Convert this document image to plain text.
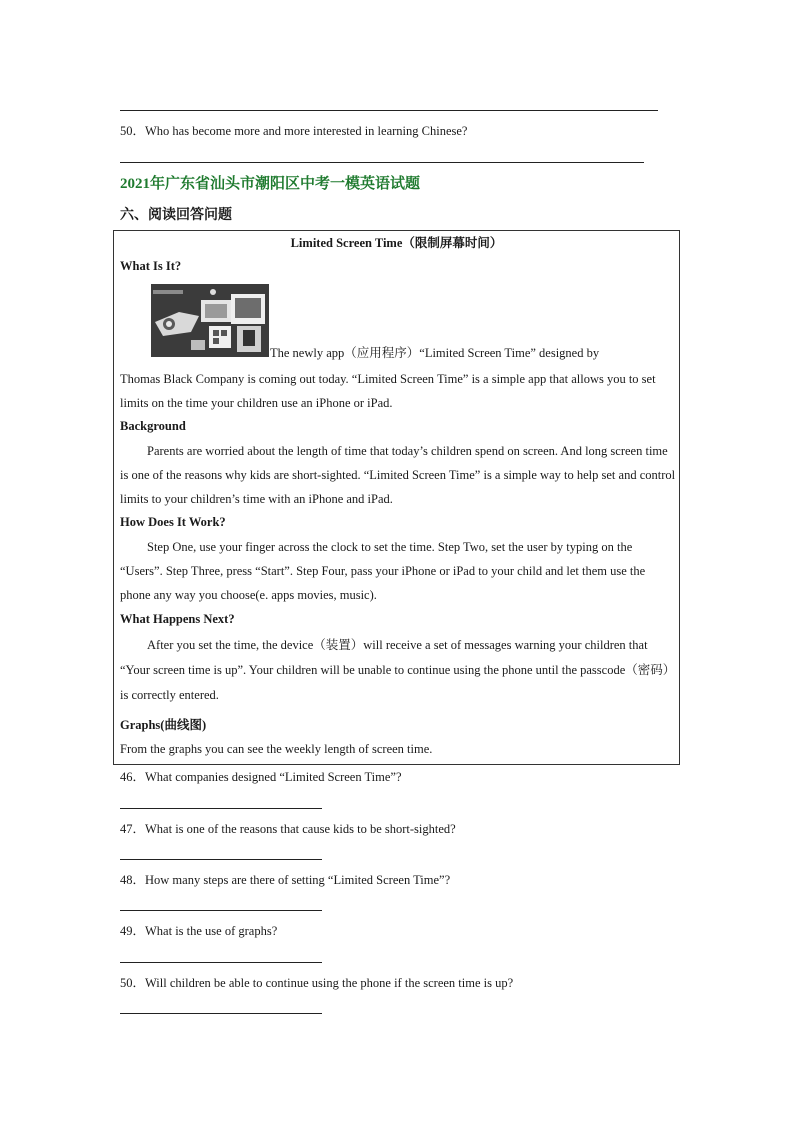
50．Who has become more and more interested in learning Chinese?
2021年广东省汕头市潮阳区中考一模英语试题
六、阅读回答问题
Limited Screen Time（限制屏幕时间）
What Is It?
The newly app（应用程序）“Limited Screen Time” designed by
Thomas Black Company is coming out today. “Limited Screen Time” is a simple app that allows you to set limits on the time your children use an iPhone or iPad.
Background
Parents are worried about the length of time that today’s children spend on screen. And long screen time is one of the reasons why kids are short-sighted. “Limited Screen Time” is a simple way to help set and control limits to your children’s time with an iPhone and iPad.
How Does It Work?
Step One, use your finger across the clock to set the time. Step Two, set the user by typing on the “Users”. Step Three, press “Start”. Step Four, pass your iPhone or iPad to your child and let them use the phone any way you choose(e. apps movies, music).
What Happens Next?
After you set the time, the device（装置）will receive a set of messages warning your children that “Your screen time is up”. Your children will be unable to continue using the phone until the passcode（密码）is correctly entered.
Graphs(曲线图)
From the graphs you can see the weekly length of screen time.
46．What companies designed “Limited Screen Time”?
47．What is one of the reasons that cause kids to be short-sighted?
48．How many steps are there of setting “Limited Screen Time”?
49．What is the use of graphs?
50．Will children be able to continue using the phone if the screen time is up?
